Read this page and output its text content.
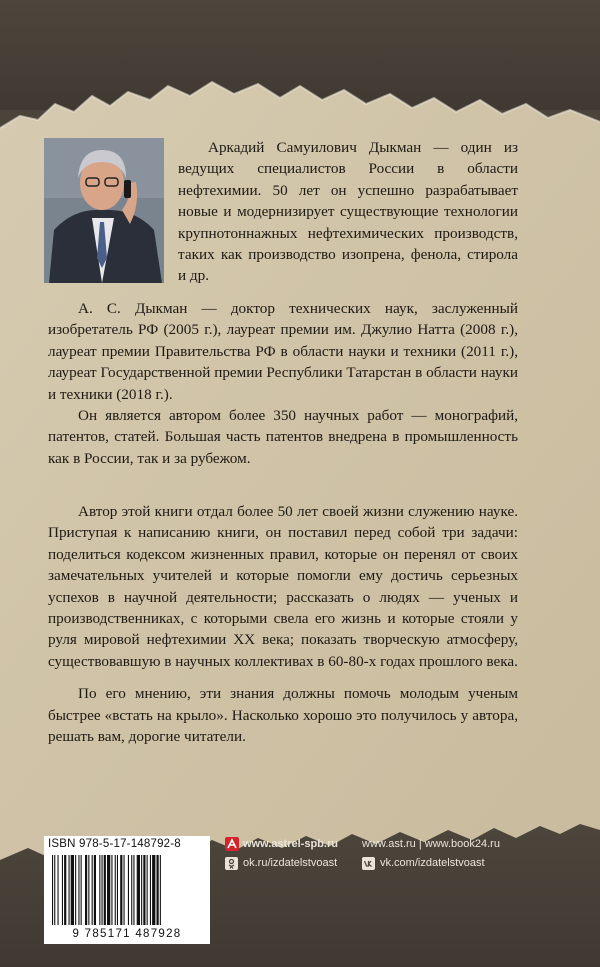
Аркадий Самуилович Дыкман — один из ведущих специалистов России в области нефтехимии. 50 лет он успешно разрабатывает новые и модернизирует существующие технологии крупнотоннажных нефтехимических производств, таких как производство изопрена, фенола, стирола и др.

А. С. Дыкман — доктор технических наук, заслуженный изобретатель РФ (2005 г.), лауреат премии им. Джулио Натта (2008 г.), лауреат премии Правительства РФ в области науки и техники (2011 г.), лауреат Государственной премии Республики Татарстан в области науки и техники (2018 г.).

Он является автором более 350 научных работ — монографий, патентов, статей. Большая часть патентов внедрена в промышленность как в России, так и за рубежом.

Автор этой книги отдал более 50 лет своей жизни служению науке. Приступая к написанию книги, он поставил перед собой три задачи: поделиться кодексом жизненных правил, которые он перенял от своих замечательных учителей и которые помогли ему достичь серьезных успехов в научной деятельности; рассказать о людях — ученых и производственниках, с которыми свела его жизнь и которые стояли у руля мировой нефтехимии XX века; показать творческую атмосферу, существовавшую в научных коллективах в 60-80-х годах прошлого века.

По его мнению, эти знания должны помочь молодым ученым быстрее «встать на крыло». Насколько хорошо это получилось у автора, решать вам, дорогие читатели.

ISBN 978-5-17-148792-8
9 785171 487928
www.astrel-spb.ru www.ast.ru | www.book24.ru
ok.ru/izdatelstvoast	vk.com/izdatelstvoast
